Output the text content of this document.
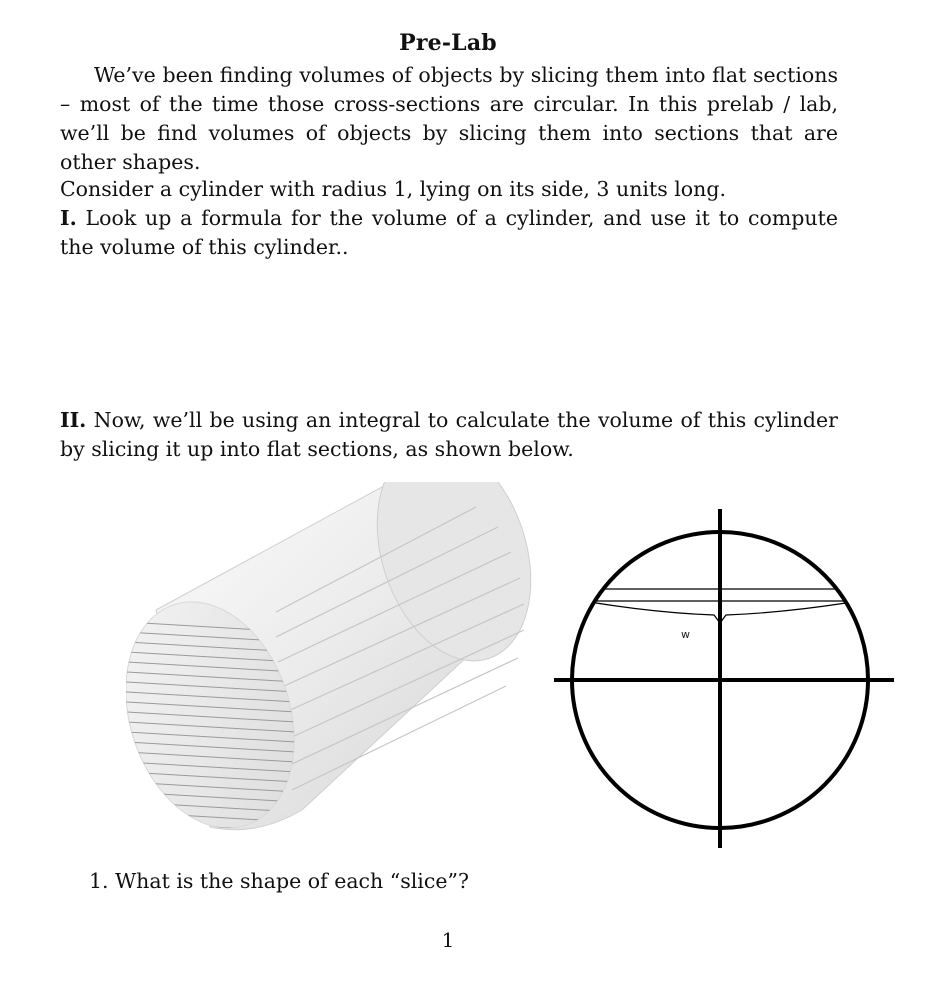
Pre-Lab
We’ve been finding volumes of objects by slicing them into flat sections – most of the time those cross-sections are circular. In this prelab / lab, we’ll be find volumes of objects by slicing them into sections that are other shapes.
Consider a cylinder with radius 1, lying on its side, 3 units long.
I. Look up a formula for the volume of a cylinder, and use it to compute the volume of this cylinder..
II. Now, we’ll be using an integral to calculate the volume of this cylinder by slicing it up into flat sections, as shown below.
w
1. What is the shape of each “slice”?
1
